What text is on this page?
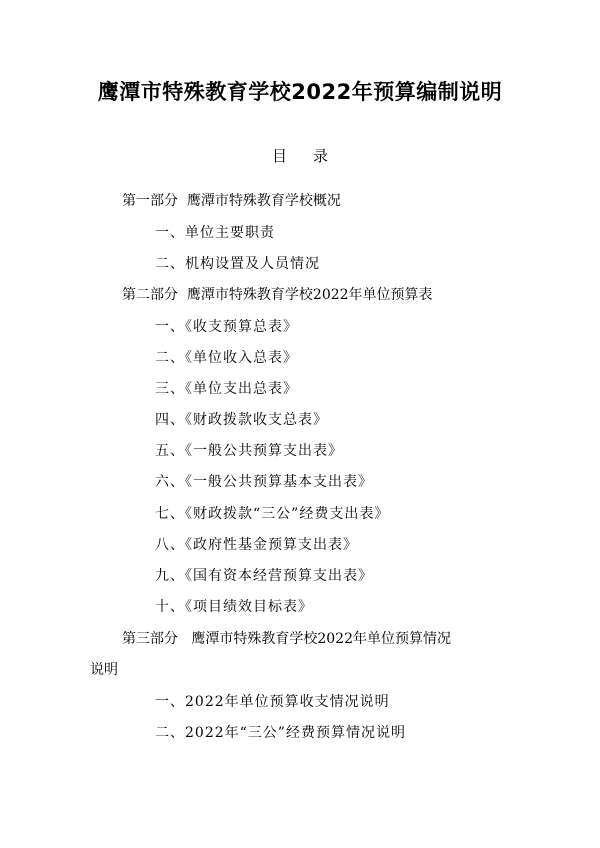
鹰潭市特殊教育学校2022年预算编制说明
目录
第一部分 鹰潭市特殊教育学校概况
一、单位主要职责
二、机构设置及人员情况
第二部分 鹰潭市特殊教育学校2022年单位预算表
一、《收支预算总表》
二、《单位收入总表》
三、《单位支出总表》
四、《财政拨款收支总表》
五、《一般公共预算支出表》
六、《一般公共预算基本支出表》
七、《财政拨款“三公”经费支出表》
八、《政府性基金预算支出表》
九、《国有资本经营预算支出表》
十、《项目绩效目标表》
第三部分 鹰潭市特殊教育学校2022年单位预算情况
说明
一、2022年单位预算收支情况说明
二、2022年“三公”经费预算情况说明
